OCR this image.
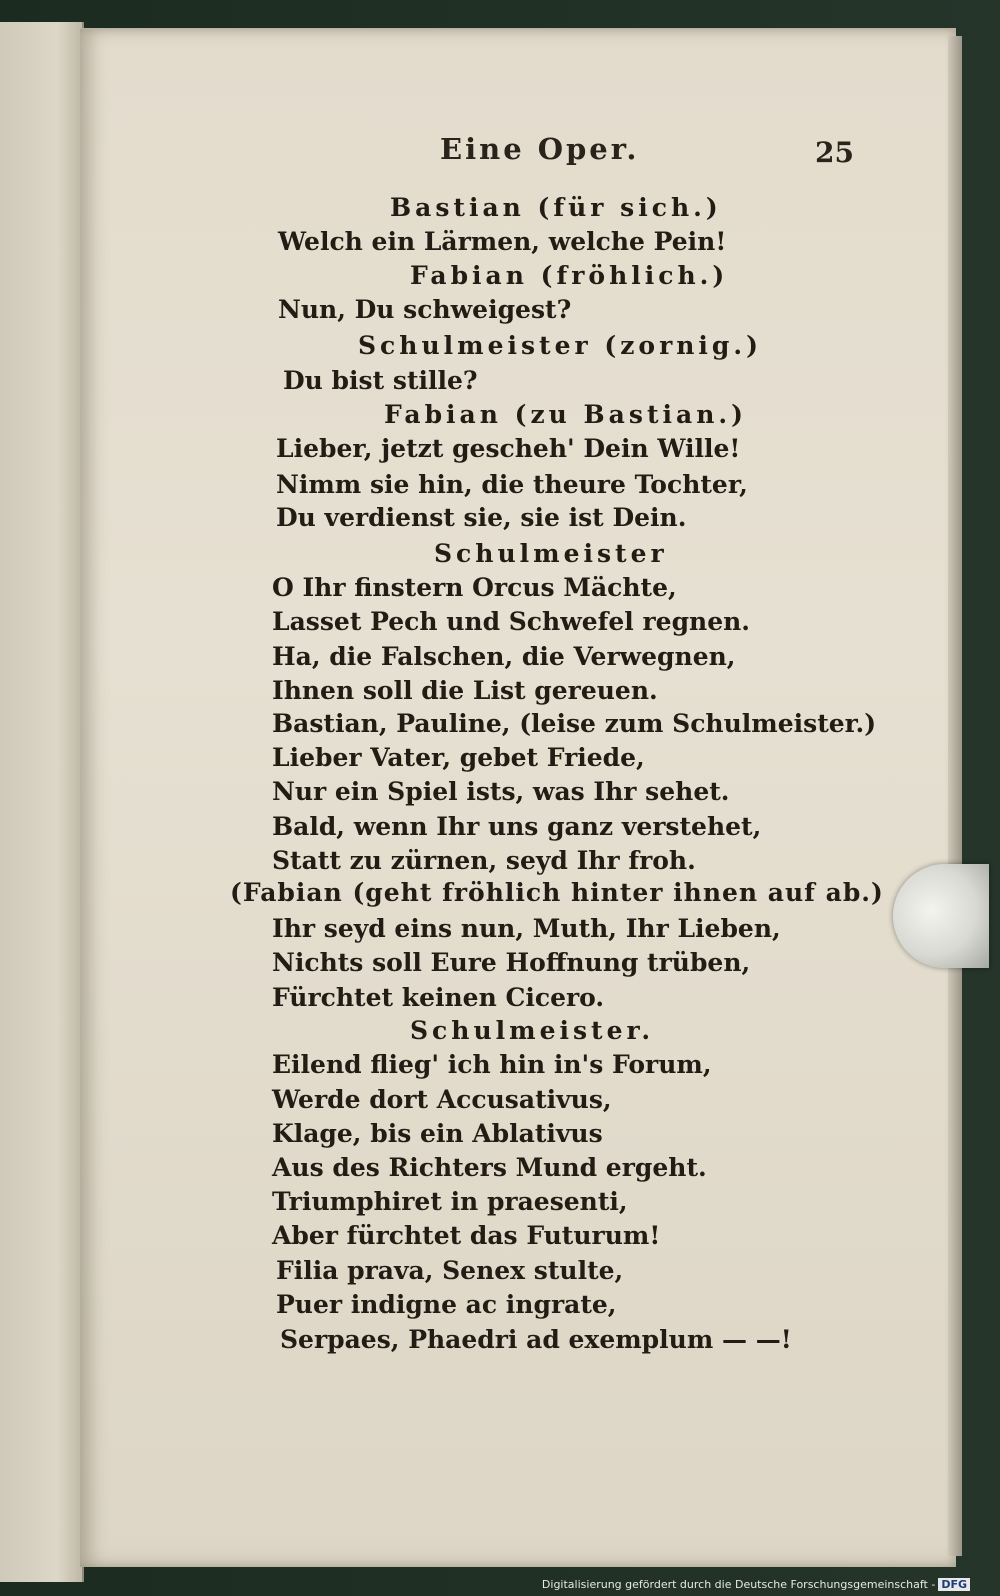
Eine Oper.	25
Bastian (für sich.)
Welch ein Lärmen, welche Pein!
Fabian (fröhlich.)
Nun, Du schweigest?
Schulmeister (zornig.)
Du bist stille?
Fabian (zu Bastian.)
Lieber, jetzt gescheh' Dein Wille!
Nimm sie hin, die theure Tochter,
Du verdienst sie, sie ist Dein.
Schulmeister
O Ihr finstern Orcus Mächte,
Lasset Pech und Schwefel regnen.
Ha, die Falschen, die Verwegnen,
Ihnen soll die List gereuen.
Bastian, Pauline, (leise zum Schulmeister.)
Lieber Vater, gebet Friede,
Nur ein Spiel ists, was Ihr sehet.
Bald, wenn Ihr uns ganz verstehet,
Statt zu zürnen, seyd Ihr froh.
(Fabian (geht fröhlich hinter ihnen auf ab.)
Ihr seyd eins nun, Muth, Ihr Lieben,
Nichts soll Eure Hoffnung trüben,
Fürchtet keinen Cicero.
Schulmeister.
Eilend flieg' ich hin in's Forum,
Werde dort Accusativus,
Klage, bis ein Ablativus
Aus des Richters Mund ergeht.
Triumphiret in praesenti,
Aber fürchtet das Futurum!
Filia prava, Senex stulte,
Puer indigne ac ingrate,
Serpaes, Phaedri ad exemplum — —!
Digitalisierung gefördert durch die Deutsche Forschungsgemeinschaft - DFG
